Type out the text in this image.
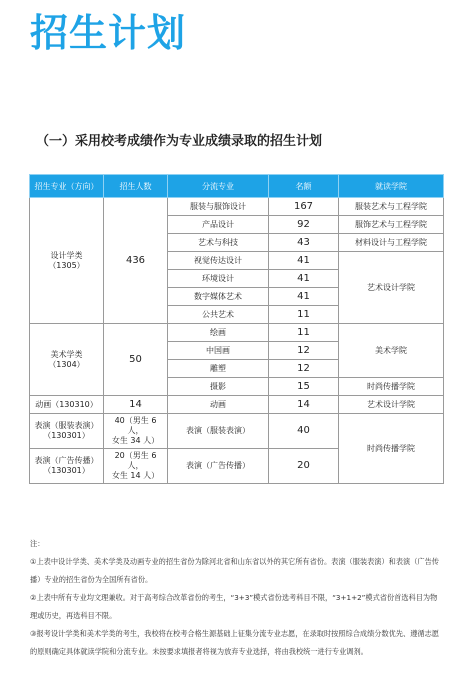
招生计划
（一）采用校考成绩作为专业成绩录取的招生计划
招生专业（方向）	招生人数	分流专业	名额	就读学院
设计学类
（1305）	436	服装与服饰设计	167	服装艺术与工程学院
		产品设计	92	服饰艺术与工程学院
		艺术与科技	43	材料设计与工程学院
		视觉传达设计	41	艺术设计学院
		环境设计	41	
		数字媒体艺术	41	
		公共艺术	11	
美术学类
（1304）	50	绘画	11	美术学院
		中国画	12	
		雕塑	12	
		摄影	15	时尚传播学院
动画（130310）	14	动画	14	艺术设计学院
表演（服装表演）
（130301）	40（男生 6 人，
女生 34 人）	表演（服装表演）	40	时尚传播学院
表演（广告传播）
（130301）	20（男生 6 人，
女生 14 人）	表演（广告传播）	20	

注：

①上表中设计学类、美术学类及动画专业的招生省份为除河北省和山东省以外的其它所有省份。表演（服装表演）和表演（广告传播）专业的招生省份为全国所有省份。

②上表中所有专业均文理兼收。对于高考综合改革省份的考生，“3+3”模式省份选考科目不限，“3+1+2”模式省份首选科目为物理或历史，再选科目不限。

③报考设计学类和美术学类的考生，我校将在校考合格生源基础上征集分流专业志愿，在录取时按照综合成绩分数优先、遵循志愿的原则确定具体就读学院和分流专业。未按要求填报者将视为放弃专业选择，将由我校统一进行专业调剂。
